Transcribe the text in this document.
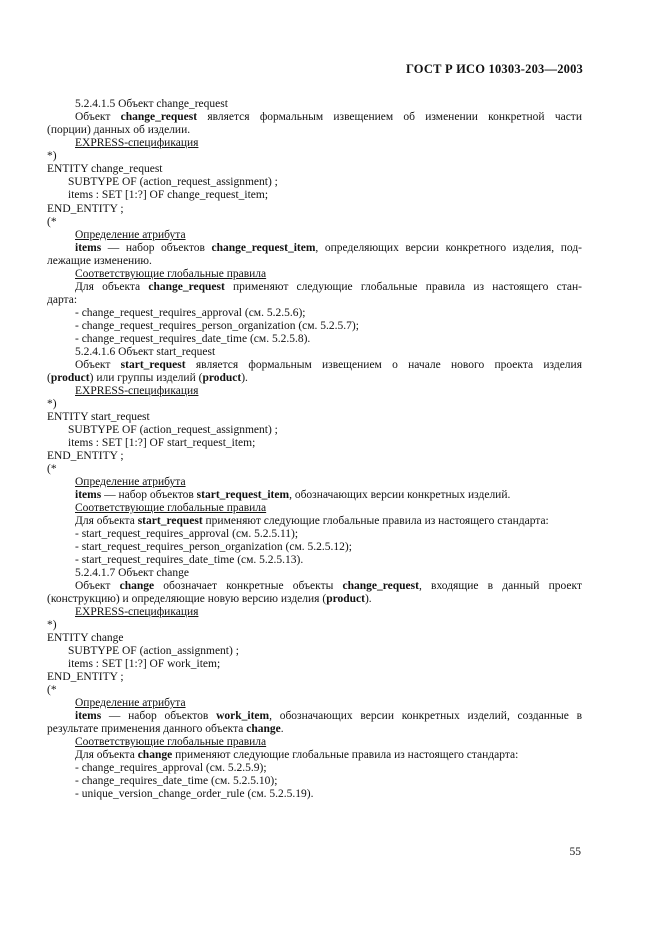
ГОСТ Р ИСО 10303-203—2003
5.2.4.1.5 Объект change_request
Объект change_request является формальным извещением об изменении конкретной части
(порции) данных об изделии.
EXPRESS-спецификация
*)
ENTITY change_request
SUBTYPE OF (action_request_assignment) ;
items : SET [1:?] OF change_request_item;
END_ENTITY ;
(*
Определение атрибута
items — набор объектов change_request_item, определяющих версии конкретного изделия, под-
лежащие изменению.
Соответствующие глобальные правила
Для объекта change_request применяют следующие глобальные правила из настоящего стан-
дарта:
- change_request_requires_approval (см. 5.2.5.6);
- change_request_requires_person_organization (см. 5.2.5.7);
- change_request_requires_date_time (см. 5.2.5.8).
5.2.4.1.6 Объект start_request
Объект start_request является формальным извещением о начале нового проекта изделия
(product) или группы изделий (product).
EXPRESS-спецификация
*)
ENTITY start_request
SUBTYPE OF (action_request_assignment) ;
items : SET [1:?] OF start_request_item;
END_ENTITY ;
(*
Определение атрибута
items — набор объектов start_request_item, обозначающих версии конкретных изделий.
Соответствующие глобальные правила
Для объекта start_request применяют следующие глобальные правила из настоящего стандарта:
- start_request_requires_approval (см. 5.2.5.11);
- start_request_requires_person_organization (см. 5.2.5.12);
- start_request_requires_date_time (см. 5.2.5.13).
5.2.4.1.7 Объект change
Объект change обозначает конкретные объекты change_request, входящие в данный проект
(конструкцию) и определяющие новую версию изделия (product).
EXPRESS-спецификация
*)
ENTITY change
SUBTYPE OF (action_assignment) ;
items : SET [1:?] OF work_item;
END_ENTITY ;
(*
Определение атрибута
items — набор объектов work_item, обозначающих версии конкретных изделий, созданные в
результате применения данного объекта change.
Соответствующие глобальные правила
Для объекта change применяют следующие глобальные правила из настоящего стандарта:
- change_requires_approval (см. 5.2.5.9);
- change_requires_date_time (см. 5.2.5.10);
- unique_version_change_order_rule (см. 5.2.5.19).
55
